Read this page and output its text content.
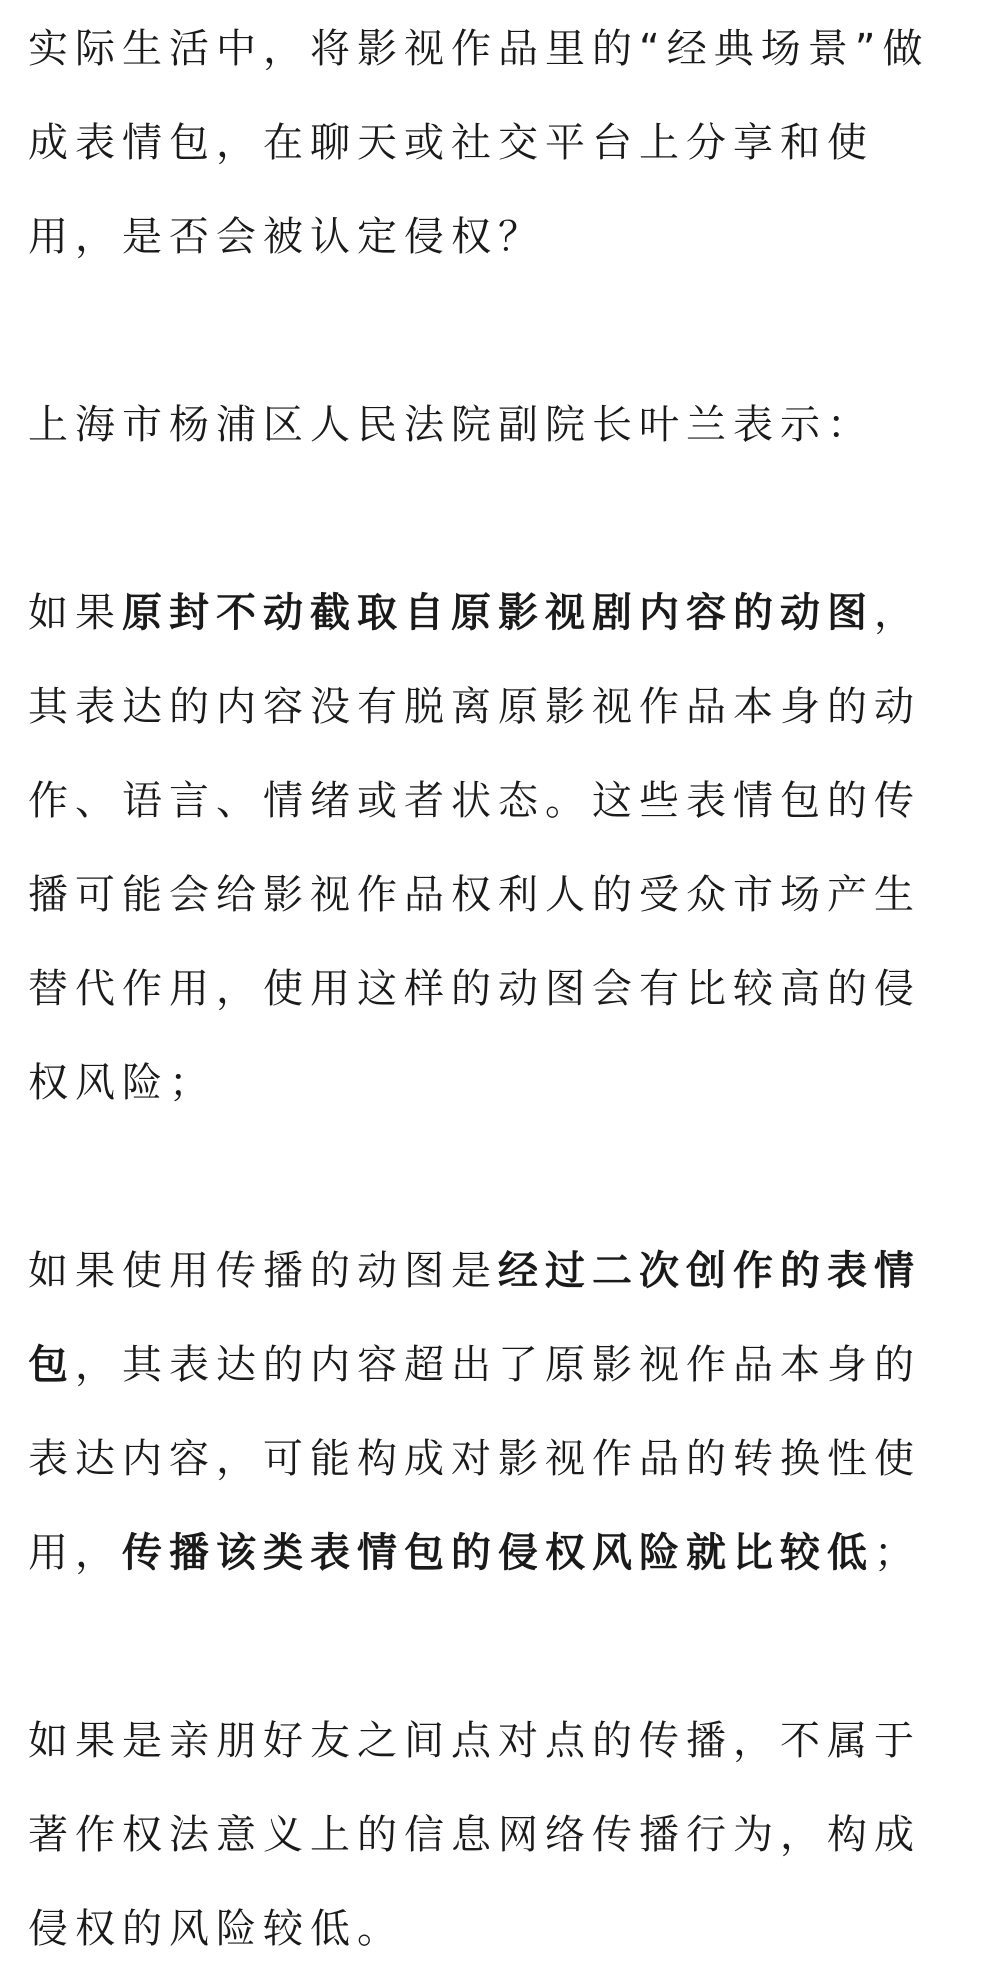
实际生活中，将影视作品里的“经典场景”做成表情包，在聊天或社交平台上分享和使用，是否会被认定侵权？

上海市杨浦区人民法院副院长叶兰表示：

如果原封不动截取自原影视剧内容的动图，其表达的内容没有脱离原影视作品本身的动作、语言、情绪或者状态。这些表情包的传播可能会给影视作品权利人的受众市场产生替代作用，使用这样的动图会有比较高的侵权风险；

如果使用传播的动图是经过二次创作的表情包，其表达的内容超出了原影视作品本身的表达内容，可能构成对影视作品的转换性使用，传播该类表情包的侵权风险就比较低；

如果是亲朋好友之间点对点的传播，不属于著作权法意义上的信息网络传播行为，构成侵权的风险较低。
